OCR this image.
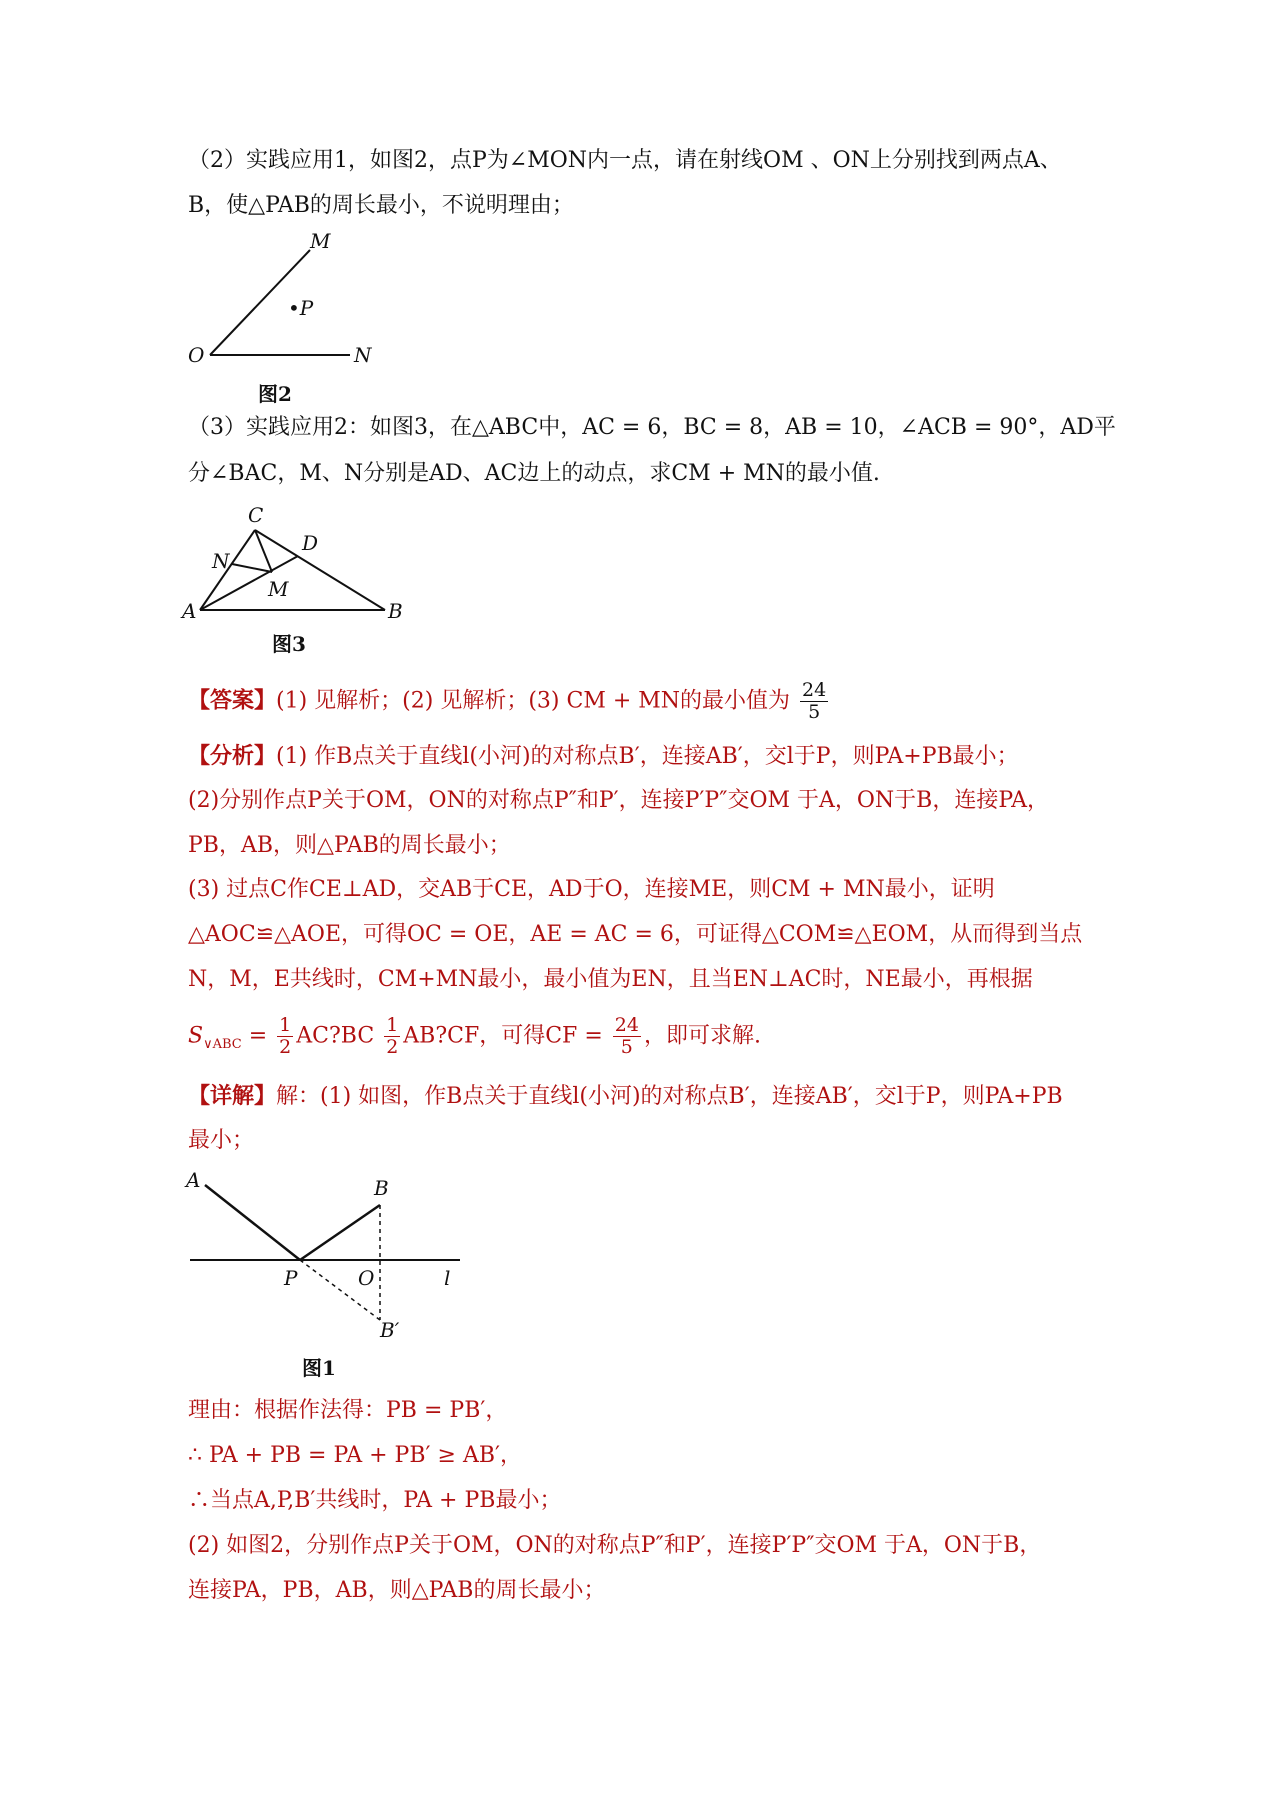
（2）实践应用1，如图2，点P为∠MON内一点，请在射线OM 、ON上分别找到两点A、
B，使△PAB的周长最小，不说明理由；
M
•P
O	N
图2
（3）实践应用2：如图3，在△ABC中，AC = 6，BC = 8，AB = 10，∠ACB = 90°，AD平
分∠BAC，M、N分别是AD、AC边上的动点，求CM + MN的最小值.
C
D
N
M
A	B
图3
【答案】(1) 见解析；(2) 见解析；(3) CM + MN的最小值为 $\frac{24}{5}$
【分析】(1) 作B点关于直线l(小河)的对称点B′，连接AB′，交l于P，则PA+PB最小；
(2)分别作点P关于OM，ON的对称点P″和P′，连接P′P″交OM 于A，ON于B，连接PA，
PB，AB，则△PAB的周长最小；
(3) 过点C作CE⊥AD，交AB于CE，AD于O，连接ME，则CM + MN最小，证明
△AOC≌△AOE，可得OC = OE，AE = AC = 6，可证得△COM≌△EOM，从而得到当点
N，M，E共线时，CM+MN最小，最小值为EN，且当EN⊥AC时，NE最小，再根据
$S_{\vee ABC} = \frac{1}{2}$ AC?BC $\frac{1}{2}$ AB?CF，可得CF = $\frac{24}{5}$ ，即可求解.
【详解】解：(1) 如图，作B点关于直线l(小河)的对称点B′，连接AB′，交l于P，则PA+PB
最小；
A	B
P	O	l
B′
图1
理由：根据作法得：PB = PB′，
∴ PA + PB = PA + PB′ ≥ AB′，
∴当点A,P,B′共线时，PA + PB最小；
(2) 如图2，分别作点P关于OM，ON的对称点P″和P′，连接P′P″交OM 于A，ON于B，
连接PA，PB，AB，则△PAB的周长最小；
